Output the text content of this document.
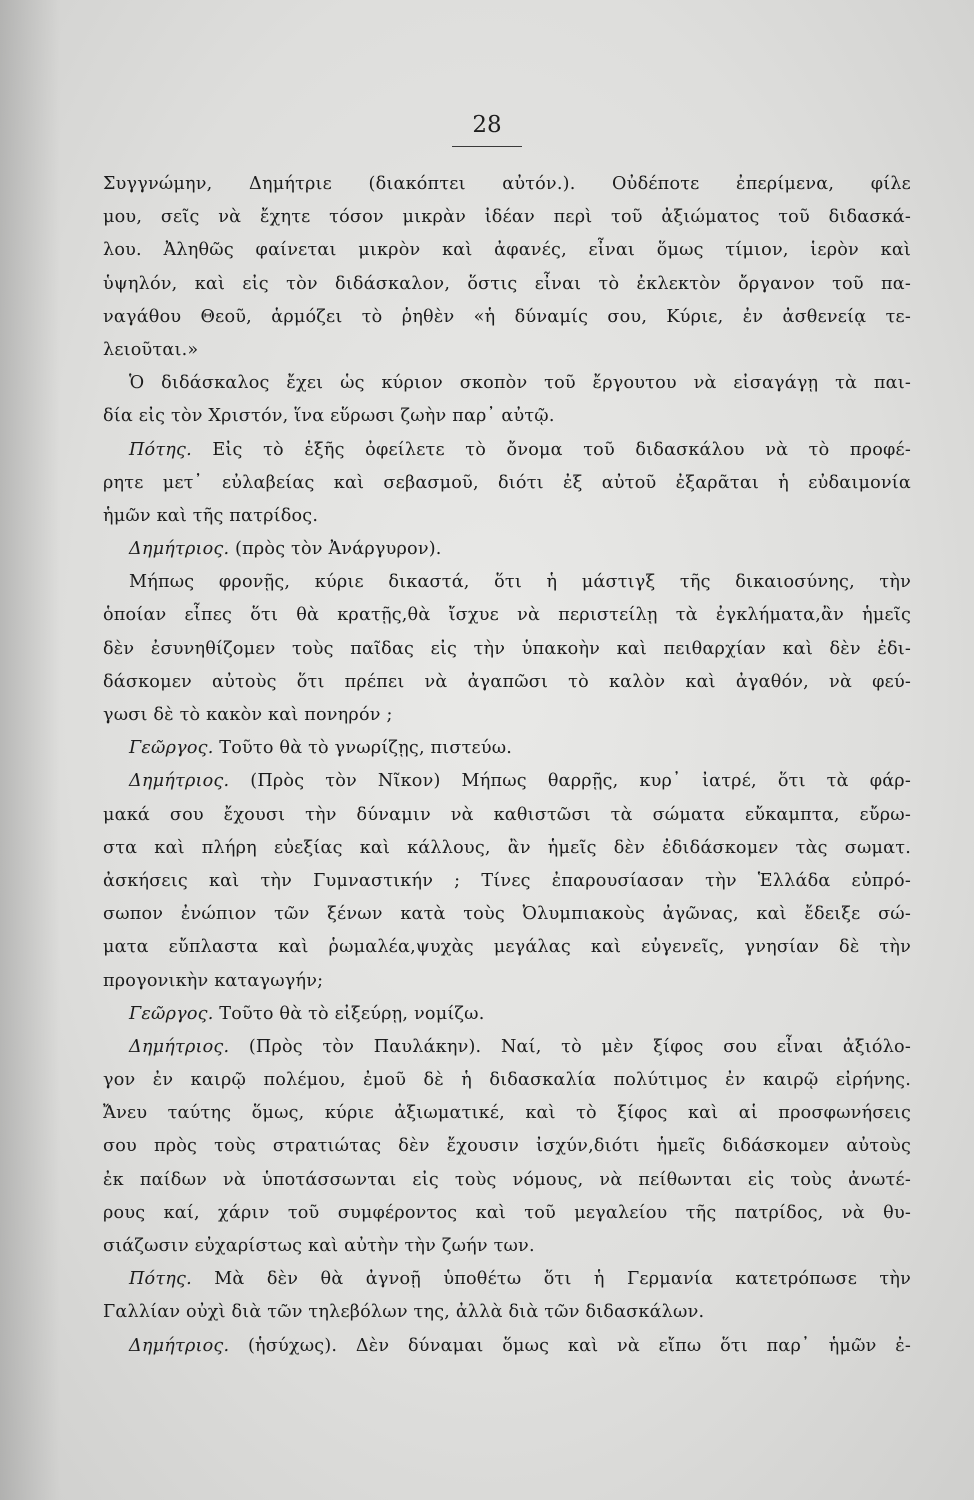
28
Συγγνώμην, Δημήτριε (διακόπτει αὐτόν.). Οὐδέποτε ἐπερίμενα, φίλε
μου, σεῖς νὰ ἔχητε τόσον μικρὰν ἰδέαν περὶ τοῦ ἀξιώματος τοῦ διδασκά-
λου. Ἀληθῶς φαίνεται μικρὸν καὶ ἀφανές, εἶναι ὅμως τίμιον, ἱερὸν καὶ
ὑψηλόν, καὶ εἰς τὸν διδάσκαλον, ὅστις εἶναι τὸ ἐκλεκτὸν ὄργανον τοῦ πα-
ναγάθου Θεοῦ, ἁρμόζει τὸ ῥηθὲν «ἡ δύναμίς σου, Κύριε, ἐν ἀσθενείᾳ τε-
λειοῦται.»
Ὁ διδάσκαλος ἔχει ὡς κύριον σκοπὸν τοῦ ἔργουτου νὰ εἰσαγάγῃ τὰ παι-
δία εἰς τὸν Χριστόν, ἵνα εὕρωσι ζωὴν παρ᾽ αὐτῷ.
Πότης. Εἰς τὸ ἑξῆς ὀφείλετε τὸ ὄνομα τοῦ διδασκάλου νὰ τὸ προφέ-
ρητε μετ᾽ εὐλαβείας καὶ σεβασμοῦ, διότι ἐξ αὐτοῦ ἐξαρᾶται ἡ εὐδαιμονία
ἡμῶν καὶ τῆς πατρίδος.
Δημήτριος. (πρὸς τὸν Ἀνάργυρον).
Μήπως φρονῇς, κύριε δικαστά, ὅτι ἡ μάστιγξ τῆς δικαιοσύνης, τὴν
ὁποίαν εἶπες ὅτι θὰ κρατῇς,θὰ ἴσχυε νὰ περιστείλῃ τὰ ἐγκλήματα,ἂν ἡμεῖς
δὲν ἐσυνηθίζομεν τοὺς παῖδας εἰς τὴν ὑπακοὴν καὶ πειθαρχίαν καὶ δὲν ἐδι-
δάσκομεν αὐτοὺς ὅτι πρέπει νὰ ἀγαπῶσι τὸ καλὸν καὶ ἀγαθόν, νὰ φεύ-
γωσι δὲ τὸ κακὸν καὶ πονηρόν ;
Γεῶργος. Τοῦτο θὰ τὸ γνωρίζῃς, πιστεύω.
Δημήτριος. (Πρὸς τὸν Νῖκον) Μήπως θαρρῇς, κυρ᾽ ἰατρέ, ὅτι τὰ φάρ-
μακά σου ἔχουσι τὴν δύναμιν νὰ καθιστῶσι τὰ σώματα εὔκαμπτα, εὔρω-
στα καὶ πλήρη εὐεξίας καὶ κάλλους, ἂν ἡμεῖς δὲν ἐδιδάσκομεν τὰς σωματ.
ἀσκήσεις καὶ τὴν Γυμναστικήν ; Τίνες ἐπαρουσίασαν τὴν Ἑλλάδα εὐπρό-
σωπον ἐνώπιον τῶν ξένων κατὰ τοὺς Ὀλυμπιακοὺς ἀγῶνας, καὶ ἔδειξε σώ-
ματα εὔπλαστα καὶ ῥωμαλέα,ψυχὰς μεγάλας καὶ εὐγενεῖς, γνησίαν δὲ τὴν
προγονικὴν καταγωγήν;
Γεῶργος. Τοῦτο θὰ τὸ εἰξεύρῃ, νομίζω.
Δημήτριος. (Πρὸς τὸν Παυλάκην). Ναί, τὸ μὲν ξίφος σου εἶναι ἀξιόλο-
γον ἐν καιρῷ πολέμου, ἐμοῦ δὲ ἡ διδασκαλία πολύτιμος ἐν καιρῷ εἰρήνης.
Ἄνευ ταύτης ὅμως, κύριε ἀξιωματικέ, καὶ τὸ ξίφος καὶ αἱ προσφωνήσεις
σου πρὸς τοὺς στρατιώτας δὲν ἔχουσιν ἰσχύν,διότι ἡμεῖς διδάσκομεν αὐτοὺς
ἐκ παίδων νὰ ὑποτάσσωνται εἰς τοὺς νόμους, νὰ πείθωνται εἰς τοὺς ἀνωτέ-
ρους καί, χάριν τοῦ συμφέροντος καὶ τοῦ μεγαλείου τῆς πατρίδος, νὰ θυ-
σιάζωσιν εὐχαρίστως καὶ αὐτὴν τὴν ζωήν των.
Πότης. Μὰ δὲν θὰ ἀγνοῇ ὑποθέτω ὅτι ἡ Γερμανία κατετρόπωσε τὴν
Γαλλίαν οὐχὶ διὰ τῶν τηλεβόλων της, ἀλλὰ διὰ τῶν διδασκάλων.
Δημήτριος. (ἡσύχως). Δὲν δύναμαι ὅμως καὶ νὰ εἴπω ὅτι παρ᾽ ἡμῶν ἐ-
